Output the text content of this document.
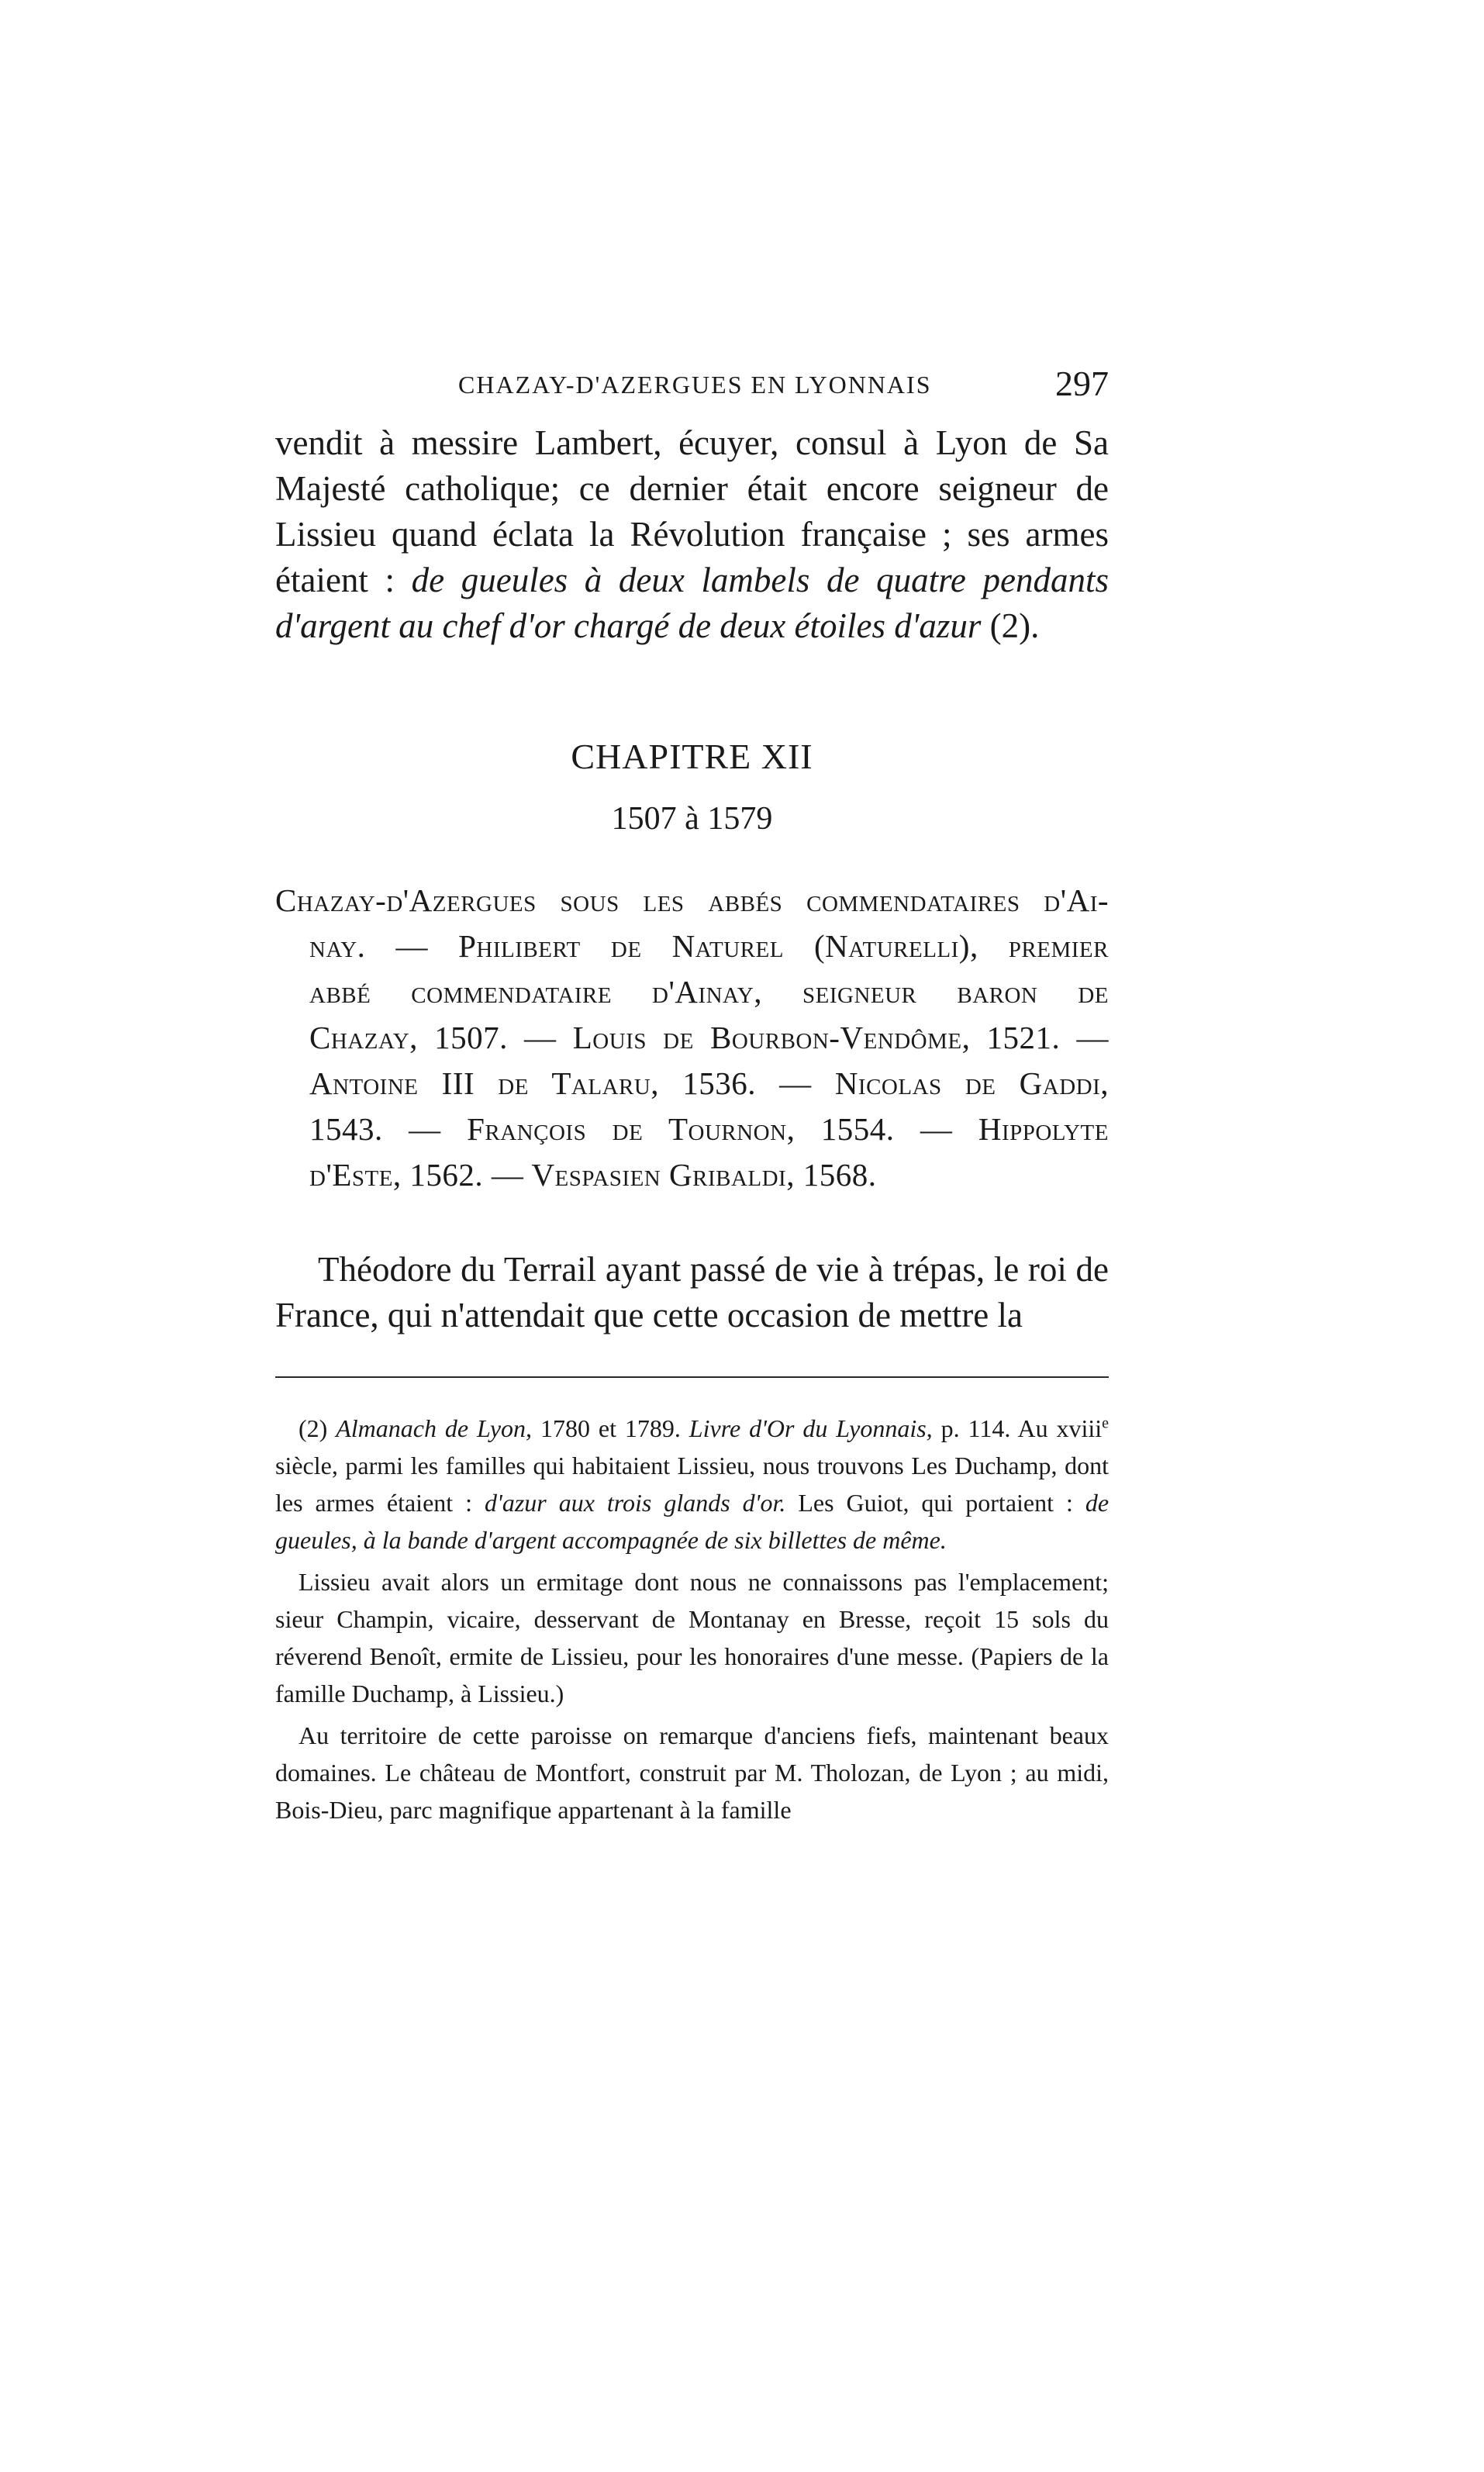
CHAZAY-D'AZERGUES EN LYONNAIS	297

vendit à messire Lambert, écuyer, consul à Lyon de Sa Majesté catholique; ce dernier était encore seigneur de Lissieu quand éclata la Révolution française ; ses armes étaient : de gueules à deux lambels de quatre pendants d'argent au chef d'or chargé de deux étoiles d'azur (2).

CHAPITRE XII
1507 à 1579
Chazay-d'Azergues sous les abbés commendataires d'Ai-
nay. — Philibert de Naturel (Naturelli), premier
abbé commendataire d'Ainay, seigneur baron de
Chazay, 1507. — Louis de Bourbon-Vendôme, 1521. —
Antoine III de Talaru, 1536. — Nicolas de Gaddi,
1543. — François de Tournon, 1554. — Hippolyte
d'Este, 1562. — Vespasien Gribaldi, 1568.

Théodore du Terrail ayant passé de vie à trépas, le roi de France, qui n'attendait que cette occasion de mettre la

(2) Almanach de Lyon, 1780 et 1789. Livre d'Or du Lyonnais, p. 114. Au xviii$^e$ siècle, parmi les familles qui habitaient Lissieu, nous trouvons Les Duchamp, dont les armes étaient : d'azur aux trois glands d'or. Les Guiot, qui portaient : de gueules, à la bande d'argent accompagnée de six billettes de même.

Lissieu avait alors un ermitage dont nous ne connaissons pas l'emplacement; sieur Champin, vicaire, desservant de Montanay en Bresse, reçoit 15 sols du réverend Benoît, ermite de Lissieu, pour les honoraires d'une messe. (Papiers de la famille Duchamp, à Lissieu.)

Au territoire de cette paroisse on remarque d'anciens fiefs, maintenant beaux domaines. Le château de Montfort, construit par M. Tholozan, de Lyon ; au midi, Bois-Dieu, parc magnifique appartenant à la famille
